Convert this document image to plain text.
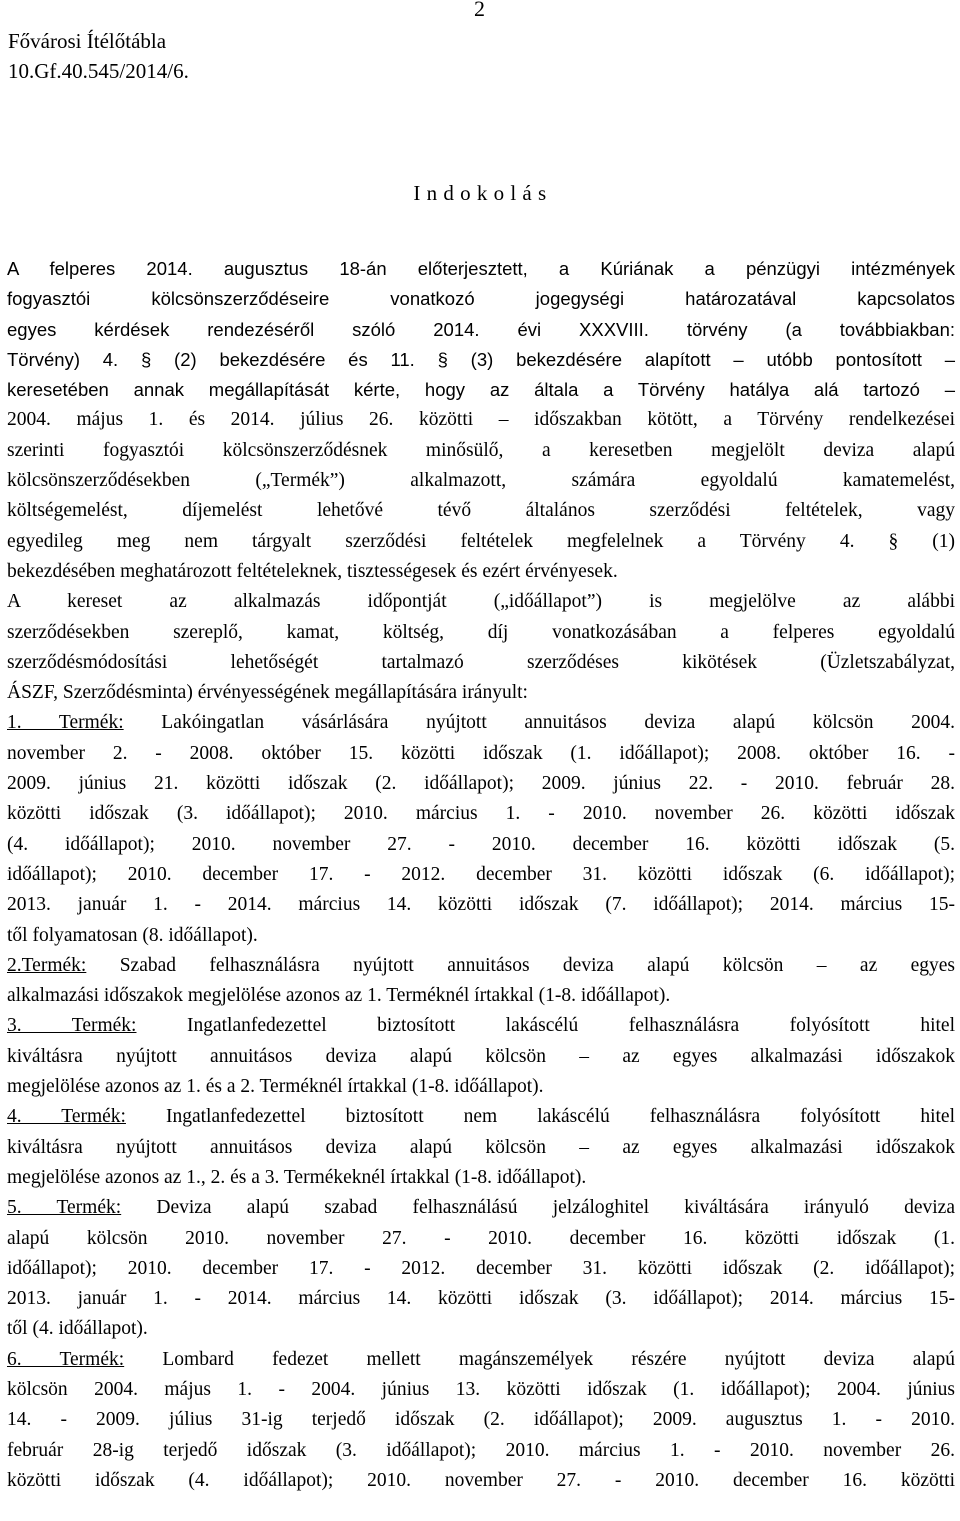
2
Fővárosi Ítélőtábla
10.Gf.40.545/2014/6.
I n d o k o l á s

A felperes 2014. augusztus 18-án előterjesztett, a Kúriának a pénzügyi intézmények

fogyasztói kölcsönszerződéseire vonatkozó jogegységi határozatával kapcsolatos

egyes kérdések rendezéséről szóló 2014. évi XXXVIII. törvény (a továbbiakban:

Törvény) 4. § (2) bekezdésére és 11. § (3) bekezdésére alapított – utóbb pontosított –

keresetében annak megállapítását kérte, hogy az általa a Törvény hatálya alá tartozó –

2004. május 1. és 2014. július 26. közötti – időszakban kötött, a Törvény rendelkezései

szerinti fogyasztói kölcsönszerződésnek minősülő, a keresetben megjelölt deviza alapú

kölcsönszerződésekben („Termék”) alkalmazott, számára egyoldalú kamatemelést,

költségemelést, díjemelést lehetővé tévő általános szerződési feltételek, vagy

egyedileg meg nem tárgyalt szerződési feltételek megfelelnek a Törvény 4. § (1)

bekezdésében meghatározott feltételeknek, tisztességesek és ezért érvényesek.

A kereset az alkalmazás időpontját („időállapot”) is megjelölve az alábbi

szerződésekben szereplő, kamat, költség, díj vonatkozásában a felperes egyoldalú

szerződésmódosítási lehetőségét tartalmazó szerződéses kikötések (Üzletszabályzat,

ÁSZF, Szerződésminta) érvényességének megállapítására irányult:

1. Termék: Lakóingatlan vásárlására nyújtott annuitásos deviza alapú kölcsön 2004.

november 2. - 2008. október 15. közötti időszak (1. időállapot); 2008. október 16. -

2009. június 21. közötti időszak (2. időállapot); 2009. június 22. - 2010. február 28.

közötti időszak (3. időállapot); 2010. március 1. - 2010. november 26. közötti időszak

(4. időállapot); 2010. november 27. - 2010. december 16. közötti időszak (5.

időállapot); 2010. december 17. - 2012. december 31. közötti időszak (6. időállapot);

2013. január 1. - 2014. március 14. közötti időszak (7. időállapot); 2014. március 15-

től folyamatosan (8. időállapot).

2.Termék: Szabad felhasználásra nyújtott annuitásos deviza alapú kölcsön – az egyes

alkalmazási időszakok megjelölése azonos az 1. Terméknél írtakkal (1-8. időállapot).

3. Termék: Ingatlanfedezettel biztosított lakáscélú felhasználásra folyósított hitel

kiváltásra nyújtott annuitásos deviza alapú kölcsön – az egyes alkalmazási időszakok

megjelölése azonos az 1. és a 2. Terméknél írtakkal (1-8. időállapot).

4. Termék: Ingatlanfedezettel biztosított nem lakáscélú felhasználásra folyósított hitel

kiváltásra nyújtott annuitásos deviza alapú kölcsön – az egyes alkalmazási időszakok

megjelölése azonos az 1., 2. és a 3. Termékeknél írtakkal (1-8. időállapot).

5. Termék: Deviza alapú szabad felhasználású jelzáloghitel kiváltására irányuló deviza

alapú kölcsön 2010. november 27. - 2010. december 16. közötti időszak (1.

időállapot); 2010. december 17. - 2012. december 31. közötti időszak (2. időállapot);

2013. január 1. - 2014. március 14. közötti időszak (3. időállapot); 2014. március 15-

től (4. időállapot).

6. Termék: Lombard fedezet mellett magánszemélyek részére nyújtott deviza alapú

kölcsön 2004. május 1. - 2004. június 13. közötti időszak (1. időállapot); 2004. június

14. - 2009. július 31-ig terjedő időszak (2. időállapot); 2009. augusztus 1. - 2010.

február 28-ig terjedő időszak (3. időállapot); 2010. március 1. - 2010. november 26.

közötti időszak (4. időállapot); 2010. november 27. - 2010. december 16. közötti
